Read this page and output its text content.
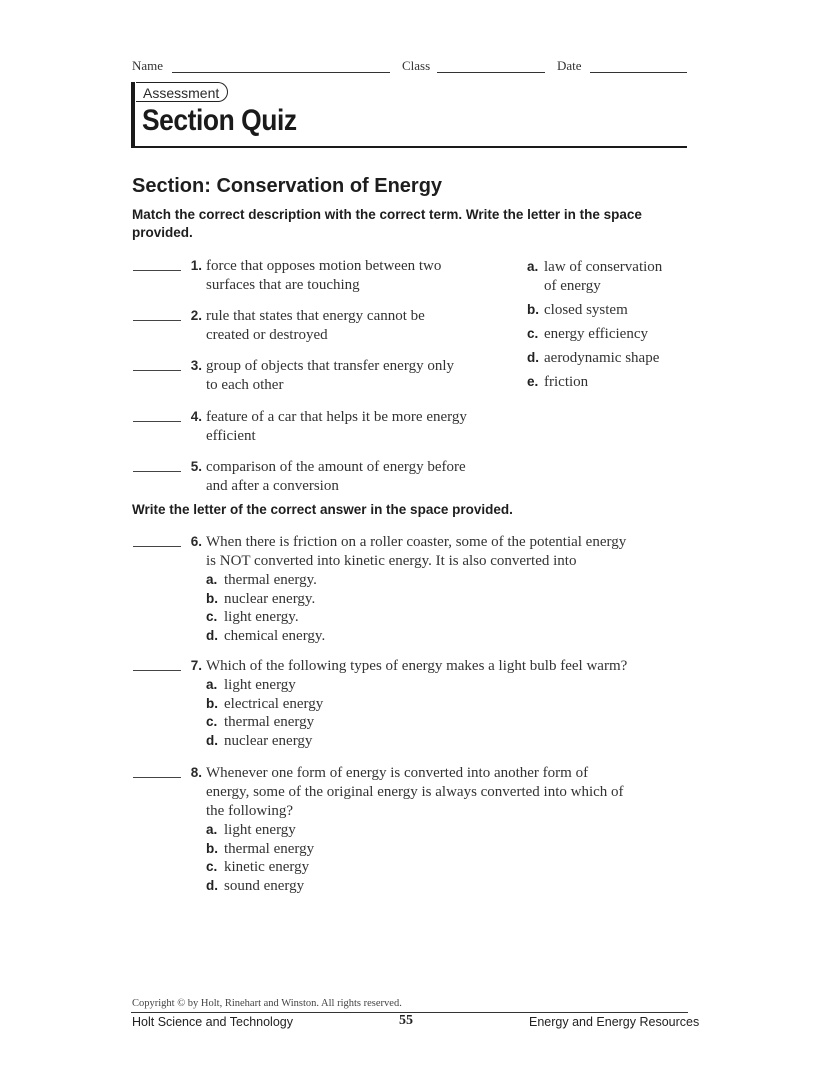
Name	Class	Date
Assessment
Section Quiz
Section: Conservation of Energy
Match the correct description with the correct term. Write the letter in the space provided.
1. force that opposes motion between two
surfaces that are touching
2. rule that states that energy cannot be
created or destroyed
3. group of objects that transfer energy only
to each other
4. feature of a car that helps it be more energy
efficient
5. comparison of the amount of energy before
and after a conversion
a. law of conservation
of energy
b. closed system
c. energy efficiency
d. aerodynamic shape
e. friction
Write the letter of the correct answer in the space provided.
6. When there is friction on a roller coaster, some of the potential energy
is NOT converted into kinetic energy. It is also converted into
a. thermal energy.
b. nuclear energy.
c. light energy.
d. chemical energy.
7. Which of the following types of energy makes a light bulb feel warm?
a. light energy
b. electrical energy
c. thermal energy
d. nuclear energy
8. Whenever one form of energy is converted into another form of
energy, some of the original energy is always converted into which of
the following?
a. light energy
b. thermal energy
c. kinetic energy
d. sound energy
Copyright © by Holt, Rinehart and Winston. All rights reserved.
Holt Science and Technology	55	Energy and Energy Resources
